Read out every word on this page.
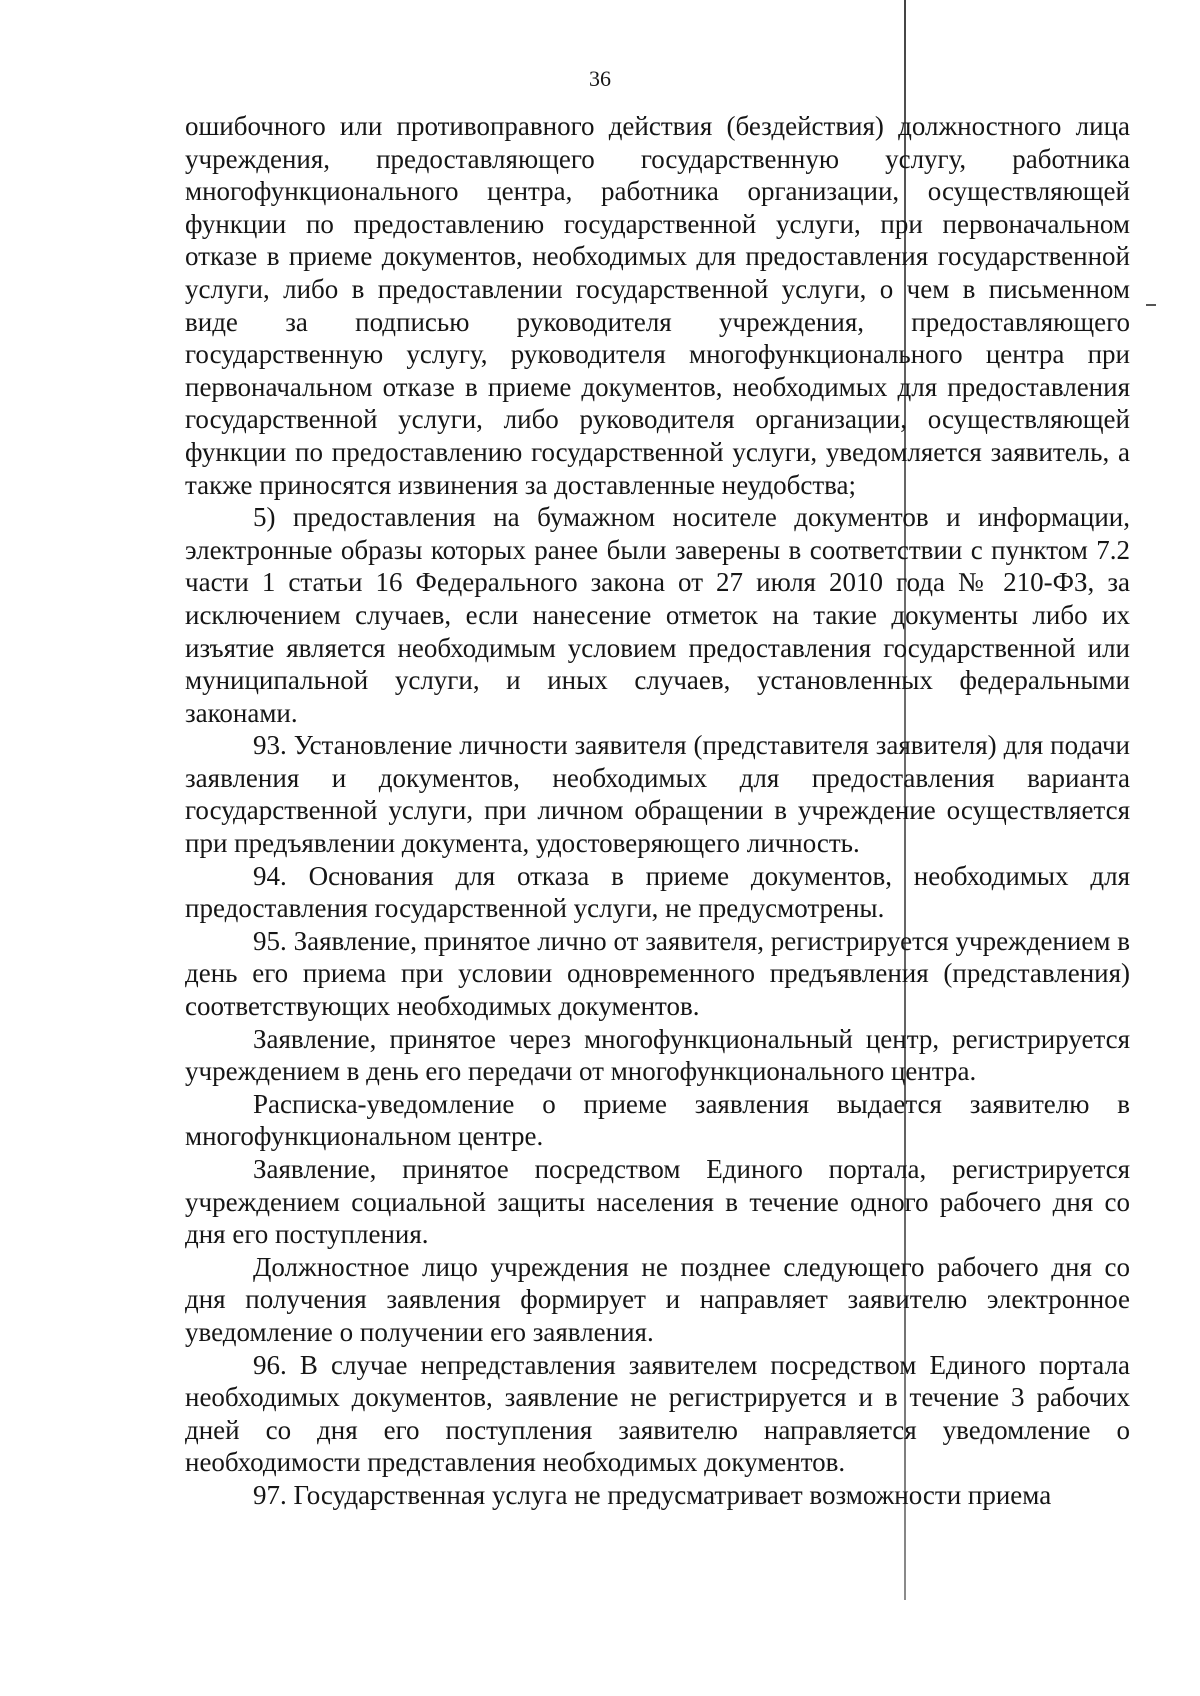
36

ошибочного или противоправного действия (бездействия) должностного лица учреждения, предоставляющего государственную услугу, работника многофункционального центра, работника организации, осуществляющей функции по предоставлению государственной услуги, при первоначальном отказе в приеме документов, необходимых для предоставления государственной услуги, либо в предоставлении государственной услуги, о чем в письменном виде за подписью руководителя учреждения, предоставляющего государственную услугу, руководителя многофункционального центра при первоначальном отказе в приеме документов, необходимых для предоставления государственной услуги, либо руководителя организации, осуществляющей функции по предоставлению государственной услуги, уведомляется заявитель, а также приносятся извинения за доставленные неудобства;

5) предоставления на бумажном носителе документов и информации, электронные образы которых ранее были заверены в соответствии с пунктом 7.2 части 1 статьи 16 Федерального закона от 27 июля 2010 года № 210-ФЗ, за исключением случаев, если нанесение отметок на такие документы либо их изъятие является необходимым условием предоставления государственной или муниципальной услуги, и иных случаев, установленных федеральными законами.

93. Установление личности заявителя (представителя заявителя) для подачи заявления и документов, необходимых для предоставления варианта государственной услуги, при личном обращении в учреждение осуществляется при предъявлении документа, удостоверяющего личность.

94. Основания для отказа в приеме документов, необходимых для предоставления государственной услуги, не предусмотрены.

95. Заявление, принятое лично от заявителя, регистрируется учреждением в день его приема при условии одновременного предъявления (представления) соответствующих необходимых документов.

Заявление, принятое через многофункциональный центр, регистрируется учреждением в день его передачи от многофункционального центра.

Расписка-уведомление о приеме заявления выдается заявителю в многофункциональном центре.

Заявление, принятое посредством Единого портала, регистрируется учреждением социальной защиты населения в течение одного рабочего дня со дня его поступления.

Должностное лицо учреждения не позднее следующего рабочего дня со дня получения заявления формирует и направляет заявителю электронное уведомление о получении его заявления.

96. В случае непредставления заявителем посредством Единого портала необходимых документов, заявление не регистрируется и в течение 3 рабочих дней со дня его поступления заявителю направляется уведомление о необходимости представления необходимых документов.

97. Государственная услуга не предусматривает возможности приема
